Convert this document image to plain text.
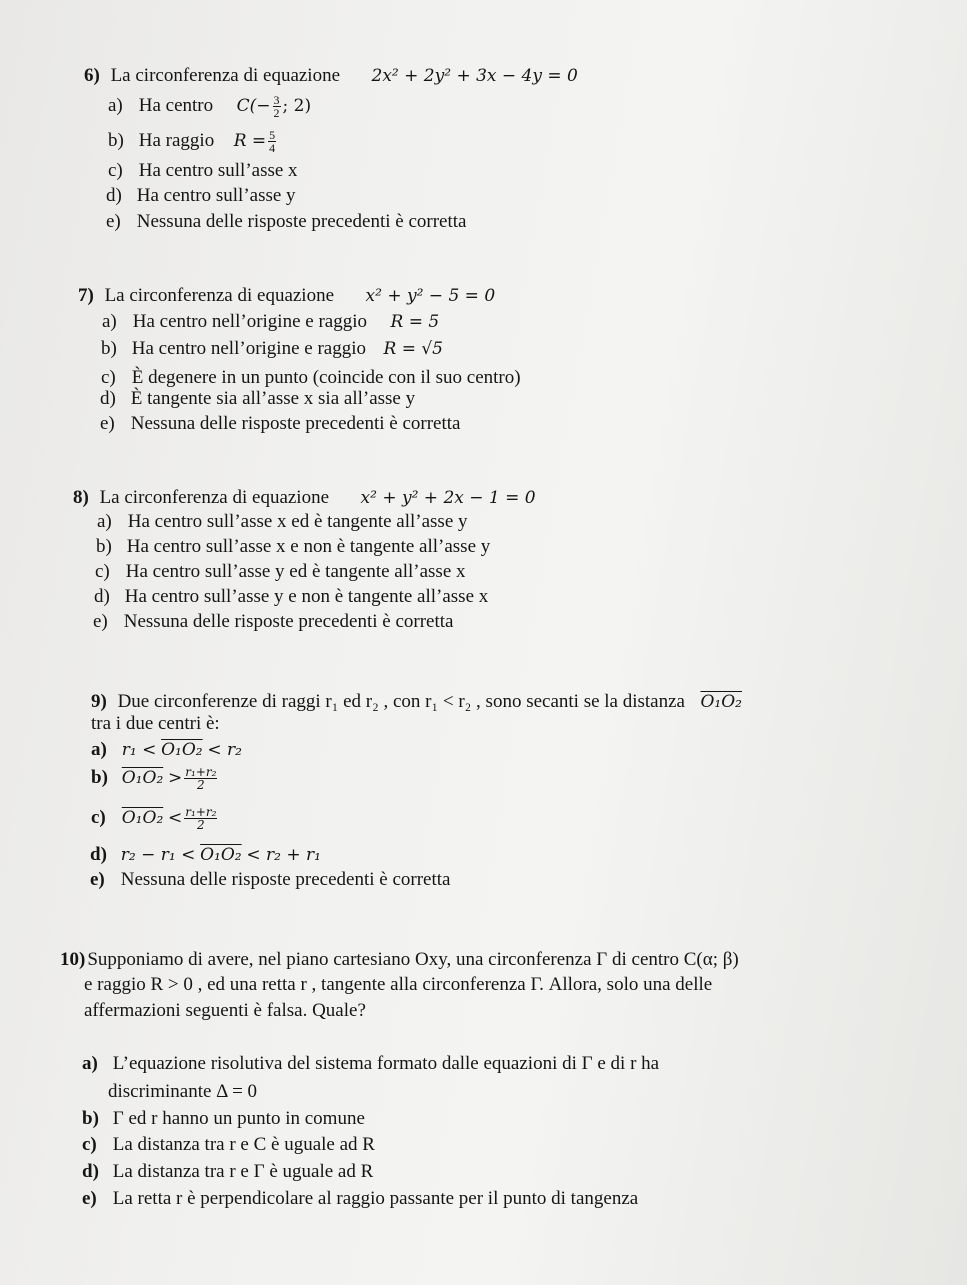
6) La circonferenza di equazione 2x² + 2y² + 3x − 4y = 0
a) Ha centro $C(- \frac{3}{2}$ ; 2)
b) Ha raggio $R = \frac{5}{4}$
c) Ha centro sull’asse x
d) Ha centro sull’asse y
e) Nessuna delle risposte precedenti è corretta
7) La circonferenza di equazione x² + y² − 5 = 0
a) Ha centro nell’origine e raggio R = 5
b) Ha centro nell’origine e raggio R = √5
c) È degenere in un punto (coincide con il suo centro)
d) È tangente sia all’asse x sia all’asse y
e) Nessuna delle risposte precedenti è corretta
8) La circonferenza di equazione x² + y² + 2x − 1 = 0
a) Ha centro sull’asse x ed è tangente all’asse y
b) Ha centro sull’asse x e non è tangente all’asse y
c) Ha centro sull’asse y ed è tangente all’asse x
d) Ha centro sull’asse y e non è tangente all’asse x
e) Nessuna delle risposte precedenti è corretta
9) Due circonferenze di raggi r₁ ed r₂ , con r₁ < r₂ , sono secanti se la distanza O₁O₂
tra i due centri è:
a) r₁ < O₁O₂ < r₂
b) $O_1O_2 > \frac{\text{r₁+r₂}}{2}$
c) $O_1O_2 < \frac{\text{r₁+r₂}}{2}$
d) r₂ − r₁ < O₁O₂ < r₂ + r₁
e) Nessuna delle risposte precedenti è corretta
10) Supponiamo di avere, nel piano cartesiano Oxy, una circonferenza Γ di centro C(α; β)
e raggio R > 0 , ed una retta r , tangente alla circonferenza Γ. Allora, solo una delle
affermazioni seguenti è falsa. Quale?
a) L’equazione risolutiva del sistema formato dalle equazioni di Γ e di r ha
discriminante Δ = 0
b) Γ ed r hanno un punto in comune
c) La distanza tra r e C è uguale ad R
d) La distanza tra r e Γ è uguale ad R
e) La retta r è perpendicolare al raggio passante per il punto di tangenza
